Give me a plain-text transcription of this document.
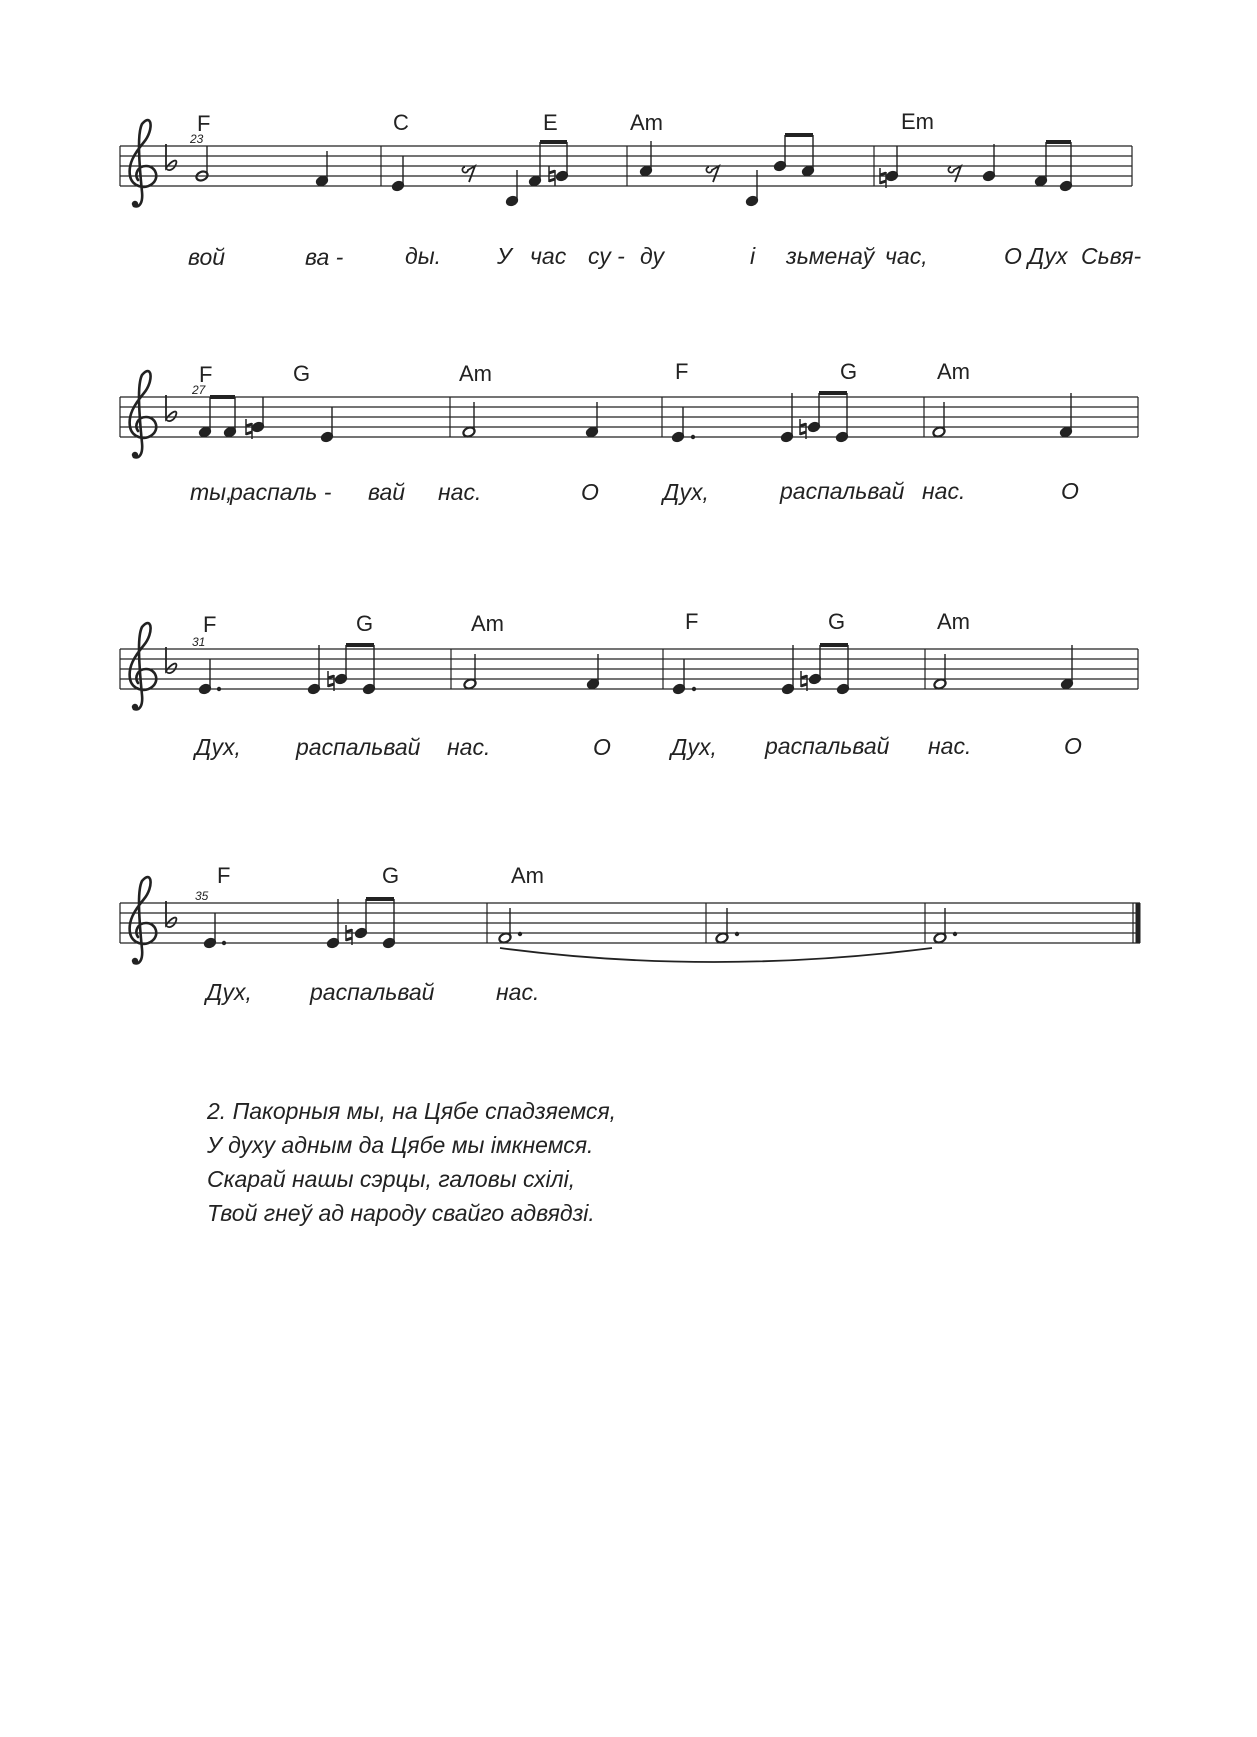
23
F	C	E	Am	Em
вой	ва -	ды. У час су - ду	і зьменаў час,	О Дух Сьвя-
27
F	G	Am	F	G	Am
ты,
распаль - вай нас.	О	Дух,	распальвай нас.	О
31
F	G	Am	F	G	Am
Дух, распальвай нас.	О	Дух, распальвай нас.	О
35
F	G	Am
Дух,	распальвай	нас.
2. Пакорныя мы, на Цябе спадзяемся,
У духу адным да Цябе мы імкнемся.
Скарай нашы сэрцы, галовы схілі,
Твой гнеў ад народу свайго адвядзі.
